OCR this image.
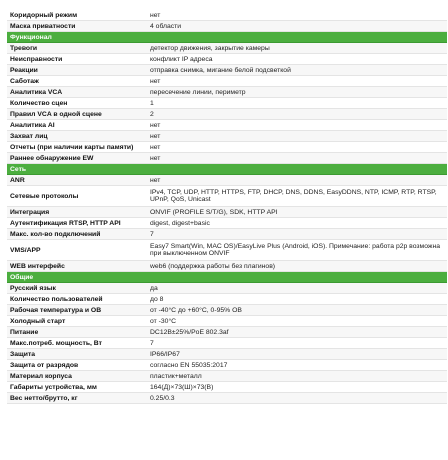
Коридорный режим	нет
Маска приватности	4 области
Функционал	
Тревоги	детектор движения, закрытие камеры
Неисправности	конфликт IP адреса
Реакции	отправка снимка, мигание белой подсветкой
Саботаж	нет
Аналитика VCA	пересечение линии, периметр
Количество сцен	1
Правил VCA в одной сцене	2
Аналитика AI	нет
Захват лиц	нет
Отчеты (при наличии карты памяти)	нет
Раннее обнаружение EW	нет
Сеть	
ANR	нет
Сетевые протоколы	IPv4, TCP, UDP, HTTP, HTTPS, FTP, DHCP, DNS, DDNS, EasyDDNS, NTP, ICMP, RTP, RTSP, UPnP, QoS, Unicast
Интеграция	ONVIF (PROFILE S/T/G), SDK, HTTP API
Аутентификация RTSP, HTTP API	digest, digest+basic
Макс. кол-во подключений	7
VMS/APP	Easy7 Smart(Win, MAC OS)/EasyLive Plus (Android, iOS). Примечание: работа p2p возможна при выключенном ONVIF
WEB интерфейс	web6 (поддержка работы без плагинов)
Общие	
Русский язык	да
Количество пользователей	до 8
Рабочая температура и ОВ	от -40°С до +60°С, 0-95% ОВ
Холодный старт	от -30°С
Питание	DC12В±25%/PoE 802.3af
Макс.потреб. мощность, Вт	7
Защита	IP66/IP67
Защита от разрядов	согласно EN 55035:2017
Материал корпуса	пластик+металл
Габариты устройства, мм	164(Д)×73(Ш)×73(В)
Вес нетто/брутто, кг	0.25/0.3
